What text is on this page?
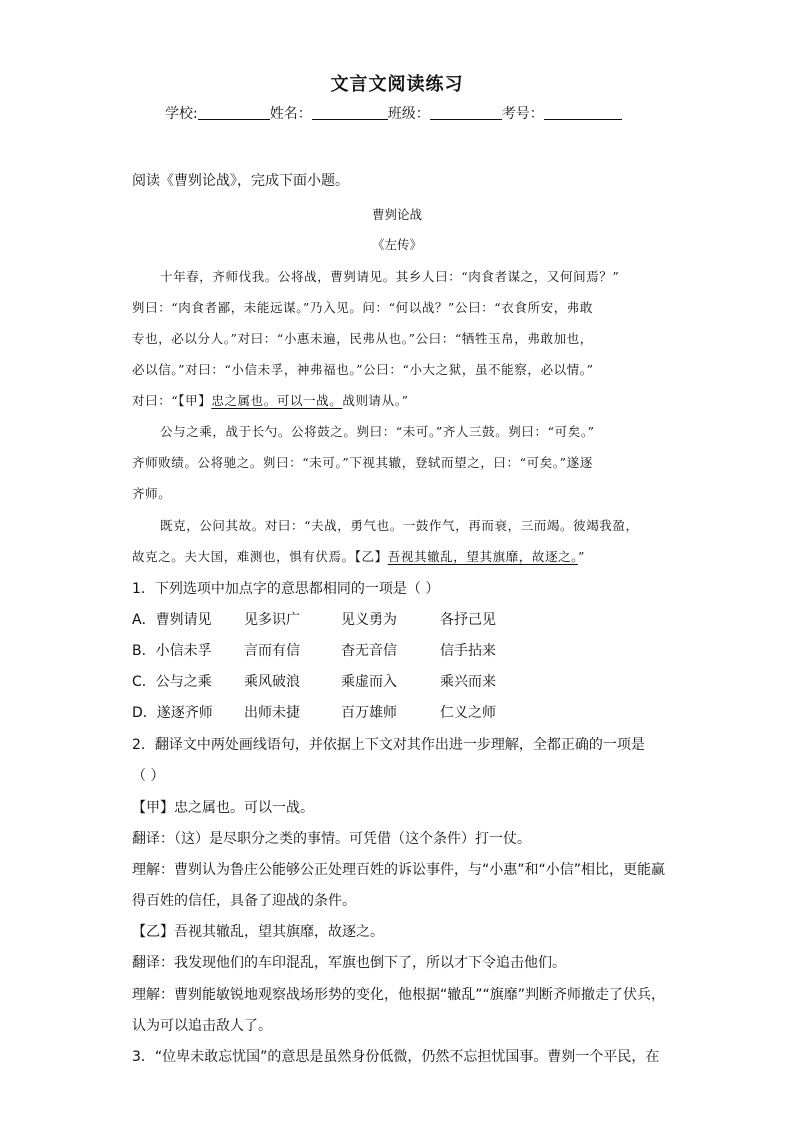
文言文阅读练习
学校:	姓名：	班级：	考号：
阅读《曹刿论战》，完成下面小题。
曹刿论战
《左传》
十年春，齐师伐我。公将战，曹刿请见。其乡人曰：“肉食者谋之，又何间焉？”
刿曰：“肉食者鄙，未能远谋。”乃入见。问：“何以战？”公曰：“衣食所安，弗敢
专也，必以分人。”对曰：“小惠未遍，民弗从也。”公曰：“牺牲玉帛，弗敢加也，
必以信。”对曰：“小信未孚，神弗福也。”公曰：“小大之狱，虽不能察，必以情。”
对曰：“【甲】忠之属也。可以一战。战则请从。”
公与之乘，战于长勺。公将鼓之。刿曰：“未可。”齐人三鼓。刿曰：“可矣。”
齐师败绩。公将驰之。刿曰：“未可。”下视其辙，登轼而望之，曰：“可矣。”遂逐
齐师。
既克，公问其故。对曰：“夫战，勇气也。一鼓作气，再而衰，三而竭。彼竭我盈，
故克之。夫大国，难测也，惧有伏焉。【乙】吾视其辙乱，望其旗靡，故逐之。”
1．下列选项中加点字的意思都相同的一项是（ ）
A．曹刿请见 见多识广	见义勇为	各抒己见
B．小信未孚 言而有信	杳无音信	信手拈来
C．公与之乘 乘风破浪	乘虚而入	乘兴而来
D．遂逐齐师 出师未捷	百万雄师	仁义之师
2．翻译文中两处画线语句，并依据上下文对其作出进一步理解，全都正确的一项是
（ ）
【甲】忠之属也。可以一战。
翻译：（这）是尽职分之类的事情。可凭借（这个条件）打一仗。
理解：曹刿认为鲁庄公能够公正处理百姓的诉讼事件，与“小惠”和“小信”相比，更能赢
得百姓的信任，具备了迎战的条件。
【乙】吾视其辙乱，望其旗靡，故逐之。
翻译：我发现他们的车印混乱，军旗也倒下了，所以才下令追击他们。
理解：曹刿能敏锐地观察战场形势的变化，他根据“辙乱”“旗靡”判断齐师撤走了伏兵，
认为可以追击敌人了。
3．“位卑未敢忘忧国”的意思是虽然身份低微，仍然不忘担忧国事。曹刿一个平民，在
